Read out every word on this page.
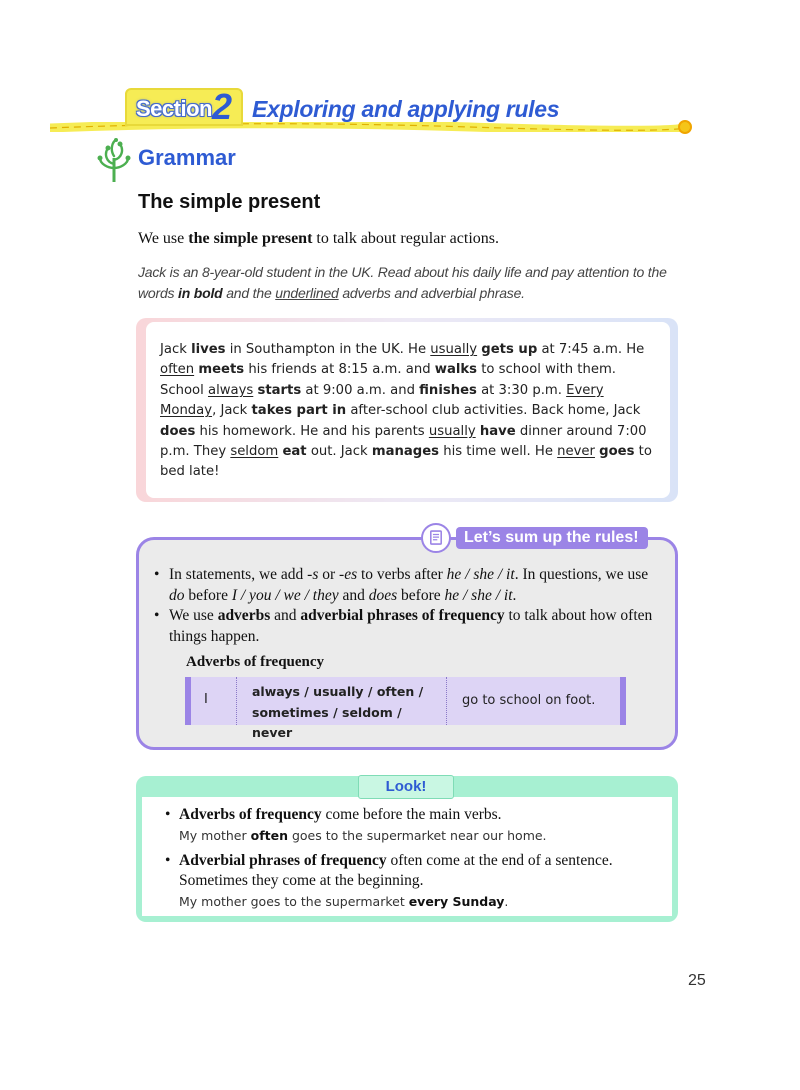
Section 2 Exploring and applying rules
Grammar
The simple present
We use the simple present to talk about regular actions.
Jack is an 8-year-old student in the UK. Read about his daily life and pay attention to the words in bold and the underlined adverbs and adverbial phrase.
Jack lives in Southampton in the UK. He usually gets up at 7:45 a.m. He often meets his friends at 8:15 a.m. and walks to school with them. School always starts at 9:00 a.m. and finishes at 3:30 p.m. Every Monday, Jack takes part in after-school club activities. Back home, Jack does his homework. He and his parents usually have dinner around 7:00 p.m. They seldom eat out. Jack manages his time well. He never goes to bed late!
Let’s sum up the rules!
• In statements, we add -s or -es to verbs after he / she / it. In questions, we use do before I / you / we / they and does before he / she / it.
• We use adverbs and adverbial phrases of frequency to talk about how often things happen.
Adverbs of frequency
I
always / usually / often / sometimes / seldom / never
go to school on foot.
Look!
• Adverbs of frequency come before the main verbs.
My mother often goes to the supermarket near our home.
• Adverbial phrases of frequency often come at the end of a sentence. Sometimes they come at the beginning.
My mother goes to the supermarket every Sunday.
25
